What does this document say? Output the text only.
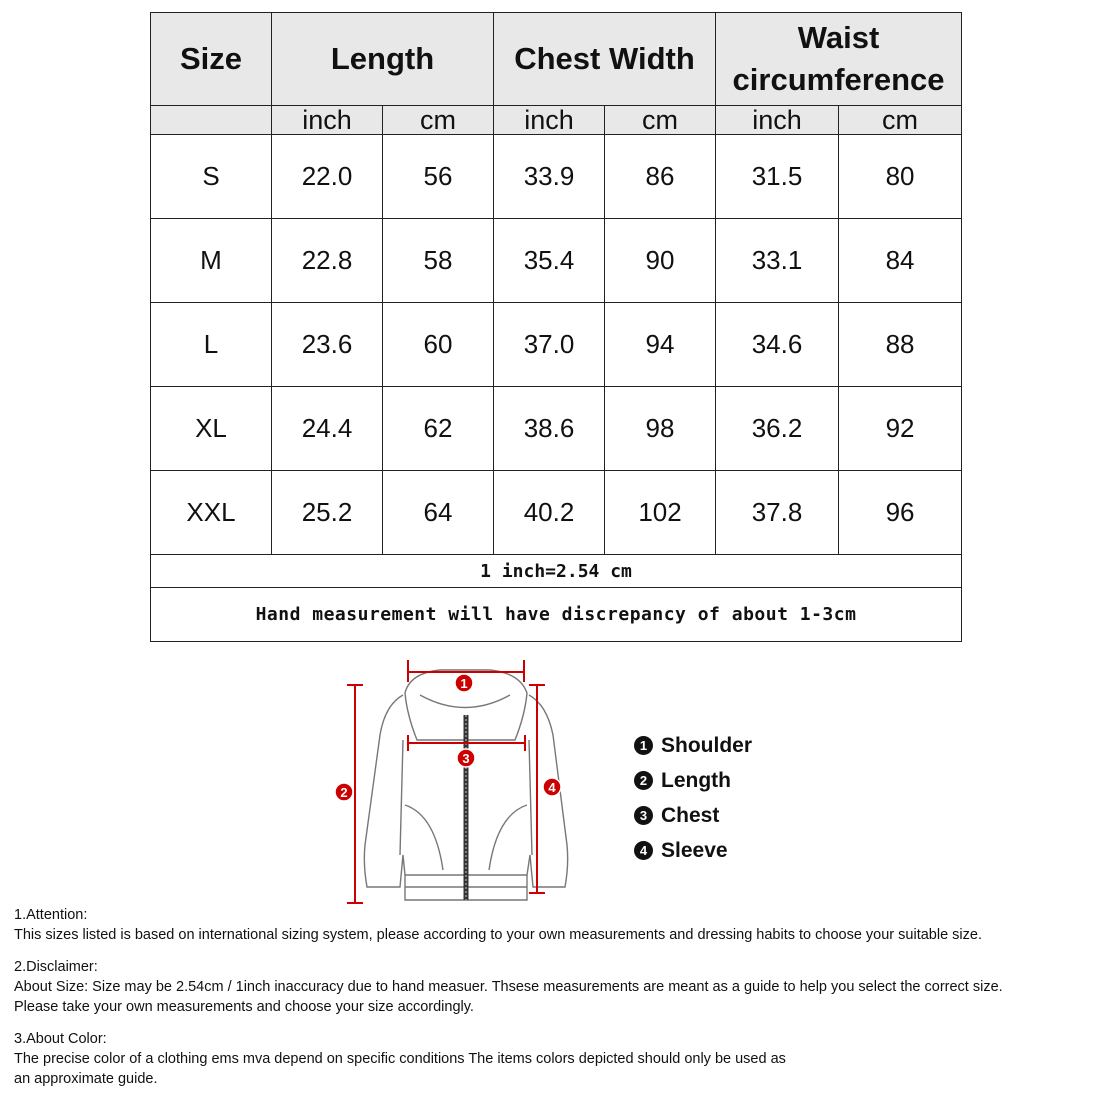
Size	Length		Chest Width		Waist
circumference	

	inch	cm	inch	cm	inch	cm
S	22.0	56	33.9	86	31.5	80
M	22.8	58	35.4	90	33.1	84
L	23.6	60	37.0	94	34.6	88
XL	24.4	62	38.6	98	36.2	92
XXL	25.2	64	40.2	102	37.8	96
1 inch=2.54 cm						
Hand measurement will have discrepancy of about 1-3cm						
1
2
3
4
1 Shoulder
2 Length
3 Chest
4 Sleeve
1.Attention:
This sizes listed is based on international sizing system, please according to your own measurements and dressing habits to choose your suitable size.
2.Disclaimer:
About Size: Size may be 2.54cm / 1inch inaccuracy due to hand measuer. Thsese measurements are meant as a guide to help you select the correct size.
Please take your own measurements and choose your size accordingly.
3.About Color:
The precise color of a clothing ems mva depend on specific conditions The items colors depicted should only be used as
an approximate guide.
